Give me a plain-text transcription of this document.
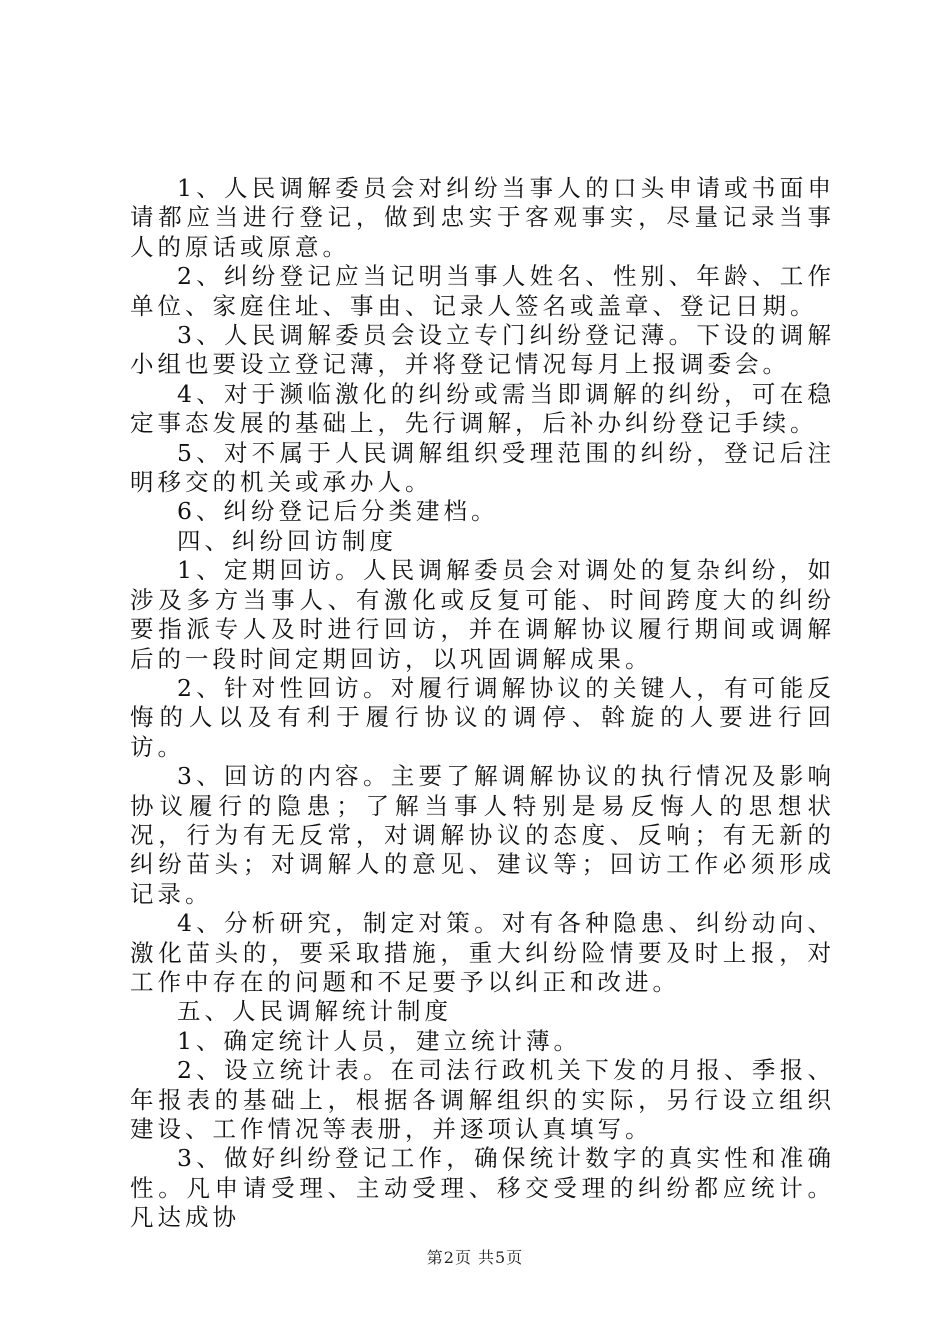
1、人民调解委员会对纠纷当事人的口头申请或书面申请都应当进行登记，做到忠实于客观事实，尽量记录当事人的原话或原意。

2、纠纷登记应当记明当事人姓名、性别、年龄、工作单位、家庭住址、事由、记录人签名或盖章、登记日期。

3、人民调解委员会设立专门纠纷登记薄。下设的调解小组也要设立登记薄，并将登记情况每月上报调委会。

4、对于濒临激化的纠纷或需当即调解的纠纷，可在稳定事态发展的基础上，先行调解，后补办纠纷登记手续。

5、对不属于人民调解组织受理范围的纠纷，登记后注明移交的机关或承办人。

6、纠纷登记后分类建档。

四、纠纷回访制度

1、定期回访。人民调解委员会对调处的复杂纠纷，如涉及多方当事人、有激化或反复可能、时间跨度大的纠纷要指派专人及时进行回访，并在调解协议履行期间或调解后的一段时间定期回访，以巩固调解成果。

2、针对性回访。对履行调解协议的关键人，有可能反悔的人以及有利于履行协议的调停、斡旋的人要进行回访。

3、回访的内容。主要了解调解协议的执行情况及影响协议履行的隐患；了解当事人特别是易反悔人的思想状况，行为有无反常，对调解协议的态度、反响；有无新的纠纷苗头；对调解人的意见、建议等；回访工作必须形成记录。

4、分析研究，制定对策。对有各种隐患、纠纷动向、激化苗头的，要采取措施，重大纠纷险情要及时上报，对工作中存在的问题和不足要予以纠正和改进。

五、人民调解统计制度

1、确定统计人员，建立统计薄。

2、设立统计表。在司法行政机关下发的月报、季报、年报表的基础上，根据各调解组织的实际，另行设立组织建设、工作情况等表册，并逐项认真填写。

3、做好纠纷登记工作，确保统计数字的真实性和准确性。凡申请受理、主动受理、移交受理的纠纷都应统计。凡达成协

第2页 共5页
